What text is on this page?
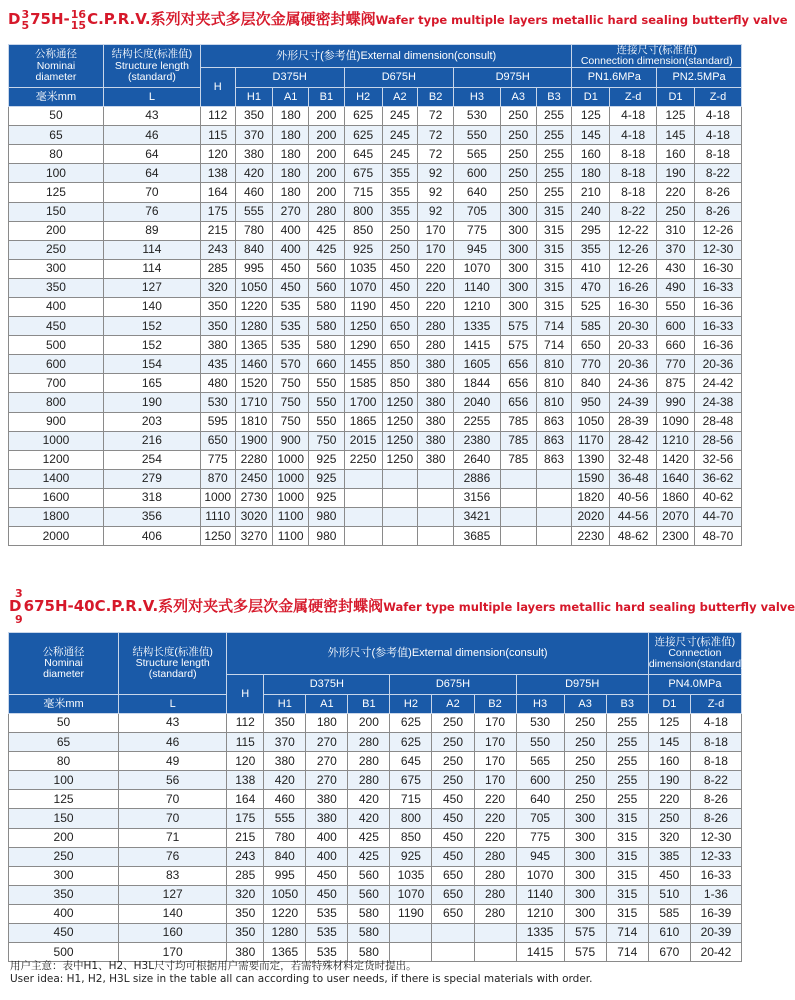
D 3
5 75H- 16
15 C.P.R.V.系列对夹式多层次金属硬密封蝶阀Wafer type multiple layers metallic hard sealing butterfly valve
公称通径
Nominai
diameter	结构长度(标准值)
Structure length
(standard)	外形尺寸(参考值)External dimension(consult)										连接尺寸(标准值)
Connection dimension(standard)			
		H	D375H			D675H			D975H			PN1.6MPa		PN2.5MPa	
毫米mm	L		H1	A1	B1	H2	A2	B2	H3	A3	B3	D1	Z-d	D1	Z-d
50	43	112	350	180	200	625	245	72	530	250	255	125	4-18	125	4-18
65	46	115	370	180	200	625	245	72	550	250	255	145	4-18	145	4-18
80	64	120	380	180	200	645	245	72	565	250	255	160	8-18	160	8-18
100	64	138	420	180	200	675	355	92	600	250	255	180	8-18	190	8-22
125	70	164	460	180	200	715	355	92	640	250	255	210	8-18	220	8-26
150	76	175	555	270	280	800	355	92	705	300	315	240	8-22	250	8-26
200	89	215	780	400	425	850	250	170	775	300	315	295	12-22	310	12-26
250	114	243	840	400	425	925	250	170	945	300	315	355	12-26	370	12-30
300	114	285	995	450	560	1035	450	220	1070	300	315	410	12-26	430	16-30
350	127	320	1050	450	560	1070	450	220	1140	300	315	470	16-26	490	16-33
400	140	350	1220	535	580	1190	450	220	1210	300	315	525	16-30	550	16-36
450	152	350	1280	535	580	1250	650	280	1335	575	714	585	20-30	600	16-33
500	152	380	1365	535	580	1290	650	280	1415	575	714	650	20-33	660	16-36
600	154	435	1460	570	660	1455	850	380	1605	656	810	770	20-36	770	20-36
700	165	480	1520	750	550	1585	850	380	1844	656	810	840	24-36	875	24-42
800	190	530	1710	750	550	1700	1250	380	2040	656	810	950	24-39	990	24-38
900	203	595	1810	750	550	1865	1250	380	2255	785	863	1050	28-39	1090	28-48
1000	216	650	1900	900	750	2015	1250	380	2380	785	863	1170	28-42	1210	28-56
1200	254	775	2280	1000	925	2250	1250	380	2640	785	863	1390	32-48	1420	32-56
1400	279	870	2450	1000	925				2886			1590	36-48	1640	36-62
1600	318	1000	2730	1000	925				3156			1820	40-56	1860	40-62
1800	356	1110	3020	1100	980				3421			2020	44-56	2070	44-70
2000	406	1250	3270	1100	980				3685			2230	48-62	2300	48-70
3
D
9
675H-40C.P.R.V.系列对夹式多层次金属硬密封蝶阀Wafer type multiple layers metallic hard sealing butterfly valve
公称通径
Nominai
diameter	结构长度(标准值)
Structure length
(standard)	外形尺寸(参考值)External dimension(consult)										连接尺寸(标准值)
Connection
dimension(standard)	
		H	D375H			D675H			D975H			PN4.0MPa	
毫米mm	L		H1	A1	B1	H2	A2	B2	H3	A3	B3	D1	Z-d
50	43	112	350	180	200	625	250	170	530	250	255	125	4-18
65	46	115	370	270	280	625	250	170	550	250	255	145	8-18
80	49	120	380	270	280	645	250	170	565	250	255	160	8-18
100	56	138	420	270	280	675	250	170	600	250	255	190	8-22
125	70	164	460	380	420	715	450	220	640	250	255	220	8-26
150	70	175	555	380	420	800	450	220	705	300	315	250	8-26
200	71	215	780	400	425	850	450	220	775	300	315	320	12-30
250	76	243	840	400	425	925	450	280	945	300	315	385	12-33
300	83	285	995	450	560	1035	650	280	1070	300	315	450	16-33
350	127	320	1050	450	560	1070	650	280	1140	300	315	510	1-36
400	140	350	1220	535	580	1190	650	280	1210	300	315	585	16-39
450	160	350	1280	535	580				1335	575	714	610	20-39
500	170	380	1365	535	580				1415	575	714	670	20-42
用户主意：表中H1、H2、H3L尺寸均可根据用户需要而定，若需特殊材料定货时提出。
User idea: H1, H2, H3L size in the table all can according to user needs, if there is special materials with order.
